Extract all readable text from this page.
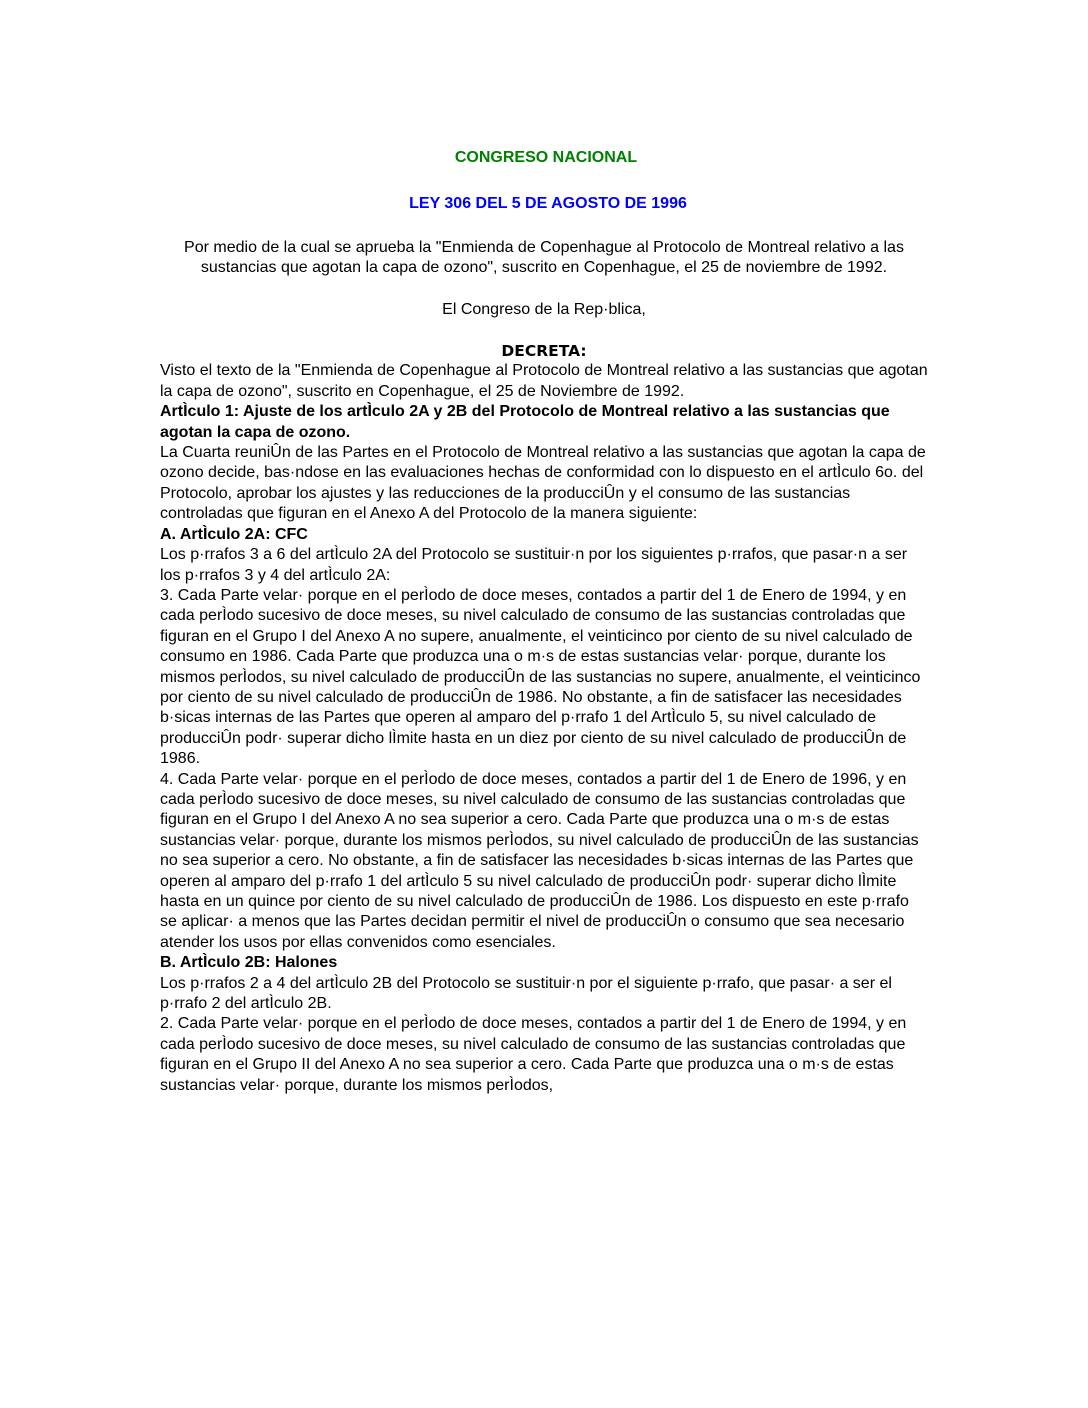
CONGRESO NACIONAL

LEY 306 DEL 5 DE AGOSTO DE 1996

Por medio de la cual se aprueba la "Enmienda de Copenhague al Protocolo de Montreal relativo a las sustancias que agotan la capa de ozono", suscrito en Copenhague, el 25 de noviembre de 1992.

El Congreso de la Rep·blica,

DECRETA:

Visto el texto de la "Enmienda de Copenhague al Protocolo de Montreal relativo a las sustancias que agotan la capa de ozono", suscrito en Copenhague, el 25 de Noviembre de 1992.

ArtÌculo 1: Ajuste de los artÌculo 2A y 2B del Protocolo de Montreal relativo a las sustancias que agotan la capa de ozono.

La Cuarta reuniÛn de las Partes en el Protocolo de Montreal relativo a las sustancias que agotan la capa de ozono decide, bas·ndose en las evaluaciones hechas de conformidad con lo dispuesto en el artÌculo 6o. del Protocolo, aprobar los ajustes y las reducciones de la producciÛn y el consumo de las sustancias controladas que figuran en el Anexo A del Protocolo de la manera siguiente:

A. ArtÌculo 2A: CFC

Los p·rrafos 3 a 6 del artÌculo 2A del Protocolo se sustituir·n por los siguientes p·rrafos, que pasar·n a ser los p·rrafos 3 y 4 del artÌculo 2A:

3. Cada Parte velar· porque en el perÌodo de doce meses, contados a partir del 1 de Enero de 1994, y en cada perÌodo sucesivo de doce meses, su nivel calculado de consumo de las sustancias controladas que figuran en el Grupo I del Anexo A no supere, anualmente, el veinticinco por ciento de su nivel calculado de consumo en 1986. Cada Parte que produzca una o m·s de estas sustancias velar· porque, durante los mismos perÌodos, su nivel calculado de producciÛn de las sustancias no supere, anualmente, el veinticinco por ciento de su nivel calculado de producciÛn de 1986. No obstante, a fin de satisfacer las necesidades b·sicas internas de las Partes que operen al amparo del p·rrafo 1 del ArtÌculo 5, su nivel calculado de producciÛn podr· superar dicho lÌmite hasta en un diez por ciento de su nivel calculado de producciÛn de 1986.

4. Cada Parte velar· porque en el perÌodo de doce meses, contados a partir del 1 de Enero de 1996, y en cada perÌodo sucesivo de doce meses, su nivel calculado de consumo de las sustancias controladas que figuran en el Grupo I del Anexo A no sea superior a cero. Cada Parte que produzca una o m·s de estas sustancias velar· porque, durante los mismos perÌodos, su nivel calculado de producciÛn de las sustancias no sea superior a cero. No obstante, a fin de satisfacer las necesidades b·sicas internas de las Partes que operen al amparo del p·rrafo 1 del artÌculo 5 su nivel calculado de producciÛn podr· superar dicho lÌmite hasta en un quince por ciento de su nivel calculado de producciÛn de 1986. Los dispuesto en este p·rrafo se aplicar· a menos que las Partes decidan permitir el nivel de producciÛn o consumo que sea necesario atender los usos por ellas convenidos como esenciales.

B. ArtÌculo 2B: Halones

Los p·rrafos 2 a 4 del artÌculo 2B del Protocolo se sustituir·n por el siguiente p·rrafo, que pasar· a ser el p·rrafo 2 del artÌculo 2B.

2. Cada Parte velar· porque en el perÌodo de doce meses, contados a partir del 1 de Enero de 1994, y en cada perÌodo sucesivo de doce meses, su nivel calculado de consumo de las sustancias controladas que figuran en el Grupo II del Anexo A no sea superior a cero. Cada Parte que produzca una o m·s de estas sustancias velar· porque, durante los mismos perÌodos,
